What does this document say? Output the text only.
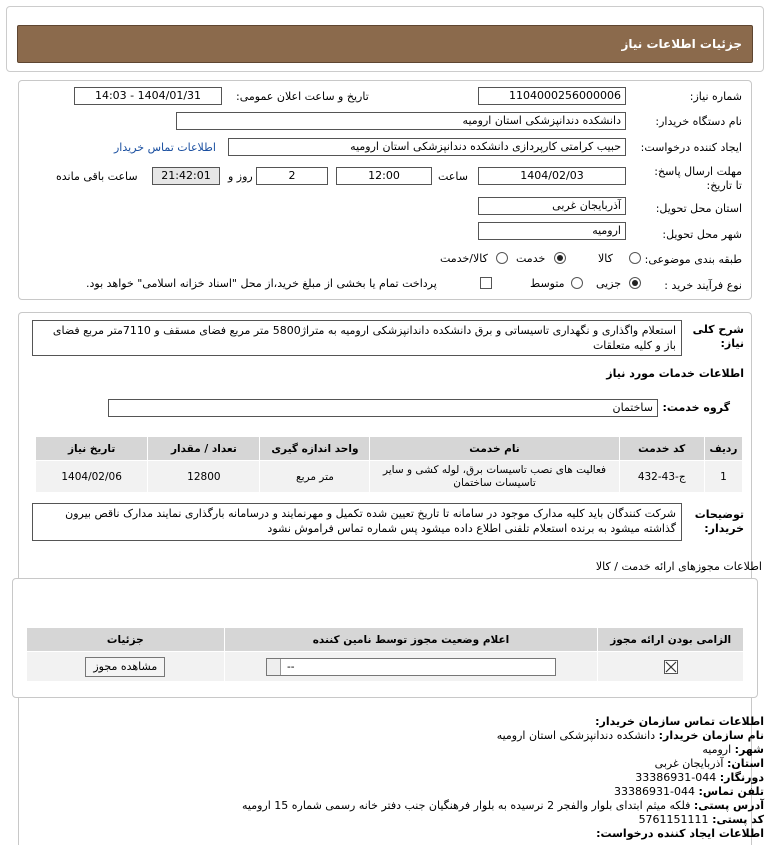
جزئیات اطلاعات نیاز
شماره نیاز:
1104000256000006
تاریخ و ساعت اعلان عمومی:
1404/01/31 - 14:03
نام دستگاه خریدار:
دانشکده دندانپزشکی استان ارومیه
ایجاد کننده درخواست:
حبیب کرامتی کارپردازی دانشکده دندانپزشکی استان ارومیه
اطلاعات تماس خریدار
مهلت ارسال پاسخ: تا تاریخ:
1404/02/03
ساعت
12:00
2
روز و
21:42:01
ساعت باقی مانده
استان محل تحویل:
آذربایجان غربی
شهر محل تحویل:
ارومیه
طبقه بندی موضوعی:
کالا
خدمت
کالا/خدمت
نوع فرآیند خرید :
جزیی
متوسط
پرداخت تمام یا بخشی از مبلغ خرید،از محل "اسناد خزانه اسلامی" خواهد بود.
شرح کلی نیاز:
استعلام واگذاری و نگهداری تاسیساتی و برق دانشکده داندانپزشکی ارومیه به متراژ5800 متر مربع فضای مسقف و 7110متر مربع فضای باز و کلیه متعلقات
اطلاعات خدمات مورد نیاز
گروه خدمت:
ساختمان
ردیف	کد خدمت	نام خدمت	واحد اندازه گیری	تعداد / مقدار	تاریخ نیاز
1	ج-43-432	فعالیت های نصب تاسیسات برق، لوله کشی و سایر تاسیسات ساختمان	متر مربع	12800	1404/02/06
توضیحات خریدار:
شرکت کنندگان باید کلیه مدارک موجود در سامانه تا تاریخ تعیین شده تکمیل و مهرنمایند و درسامانه بارگذاری نمایند مدارک ناقص بیرون گذاشته میشود به برنده استعلام تلفنی اطلاع داده میشود پس شماره تماس فراموش نشود
اطلاعات مجوزهای ارائه خدمت / کالا
الزامی بودن ارائه مجوز	اعلام وضعیت مجوز توسط نامین کننده	جزئیات

	--	مشاهده مجوز
اطلاعات تماس سازمان خریدار:
نام سازمان خریدار: دانشکده دندانپزشکی استان ارومیه
شهر: ارومیه
استان: آذربایجان غربی
دورنگار: 044-33386931
تلفن تماس: 044-33386931
آدرس پستی: فلکه میثم ابتدای بلوار والفجر 2 نرسیده به بلوار فرهنگیان جنب دفتر خانه رسمی شماره 15 ارومیه
کد پستی: 5761151111
اطلاعات ایجاد کننده درخواست:
